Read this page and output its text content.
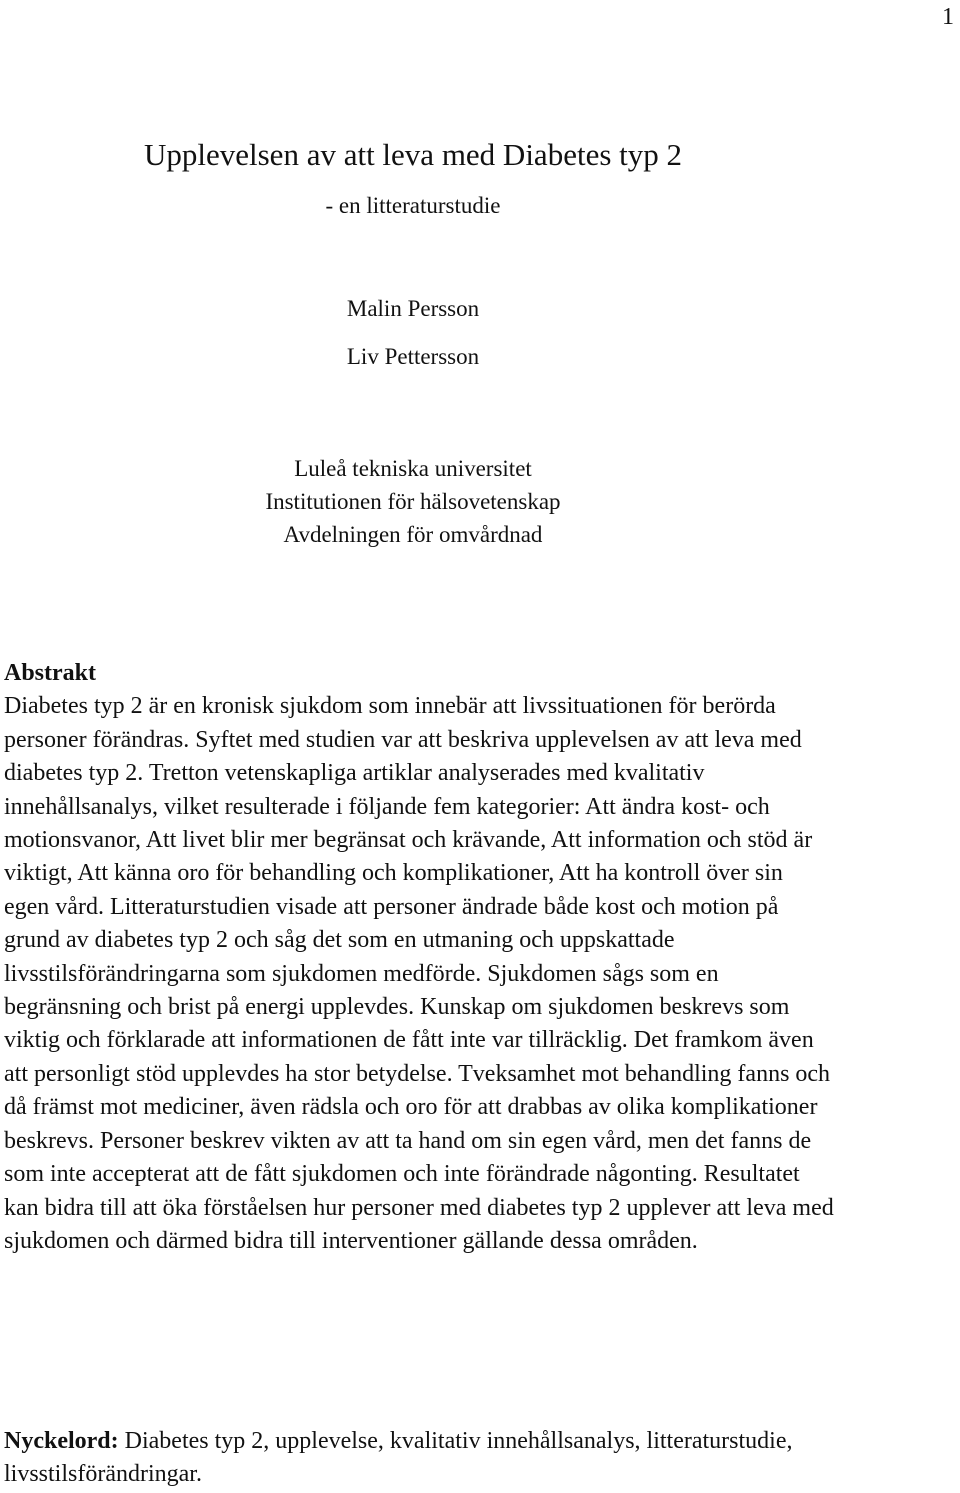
1
Upplevelsen av att leva med Diabetes typ 2
- en litteraturstudie
Malin Persson
Liv Pettersson
Luleå tekniska universitet
Institutionen för hälsovetenskap
Avdelningen för omvårdnad
Abstrakt

Diabetes typ 2 är en kronisk sjukdom som innebär att livssituationen för berörda personer förändras. Syftet med studien var att beskriva upplevelsen av att leva med diabetes typ 2. Tretton vetenskapliga artiklar analyserades med kvalitativ innehållsanalys, vilket resulterade i följande fem kategorier: Att ändra kost- och motionsvanor, Att livet blir mer begränsat och krävande, Att information och stöd är viktigt, Att känna oro för behandling och komplikationer, Att ha kontroll över sin egen vård. Litteraturstudien visade att personer ändrade både kost och motion på grund av diabetes typ 2 och såg det som en utmaning och uppskattade livsstilsförändringarna som sjukdomen medförde. Sjukdomen sågs som en begränsning och brist på energi upplevdes. Kunskap om sjukdomen beskrevs som viktig och förklarade att informationen de fått inte var tillräcklig. Det framkom även att personligt stöd upplevdes ha stor betydelse. Tveksamhet mot behandling fanns och då främst mot mediciner, även rädsla och oro för att drabbas av olika komplikationer beskrevs. Personer beskrev vikten av att ta hand om sin egen vård, men det fanns de som inte accepterat att de fått sjukdomen och inte förändrade någonting. Resultatet kan bidra till att öka förståelsen hur personer med diabetes typ 2 upplever att leva med sjukdomen och därmed bidra till interventioner gällande dessa områden.

Nyckelord: Diabetes typ 2, upplevelse, kvalitativ innehållsanalys, litteraturstudie, livsstilsförändringar.
